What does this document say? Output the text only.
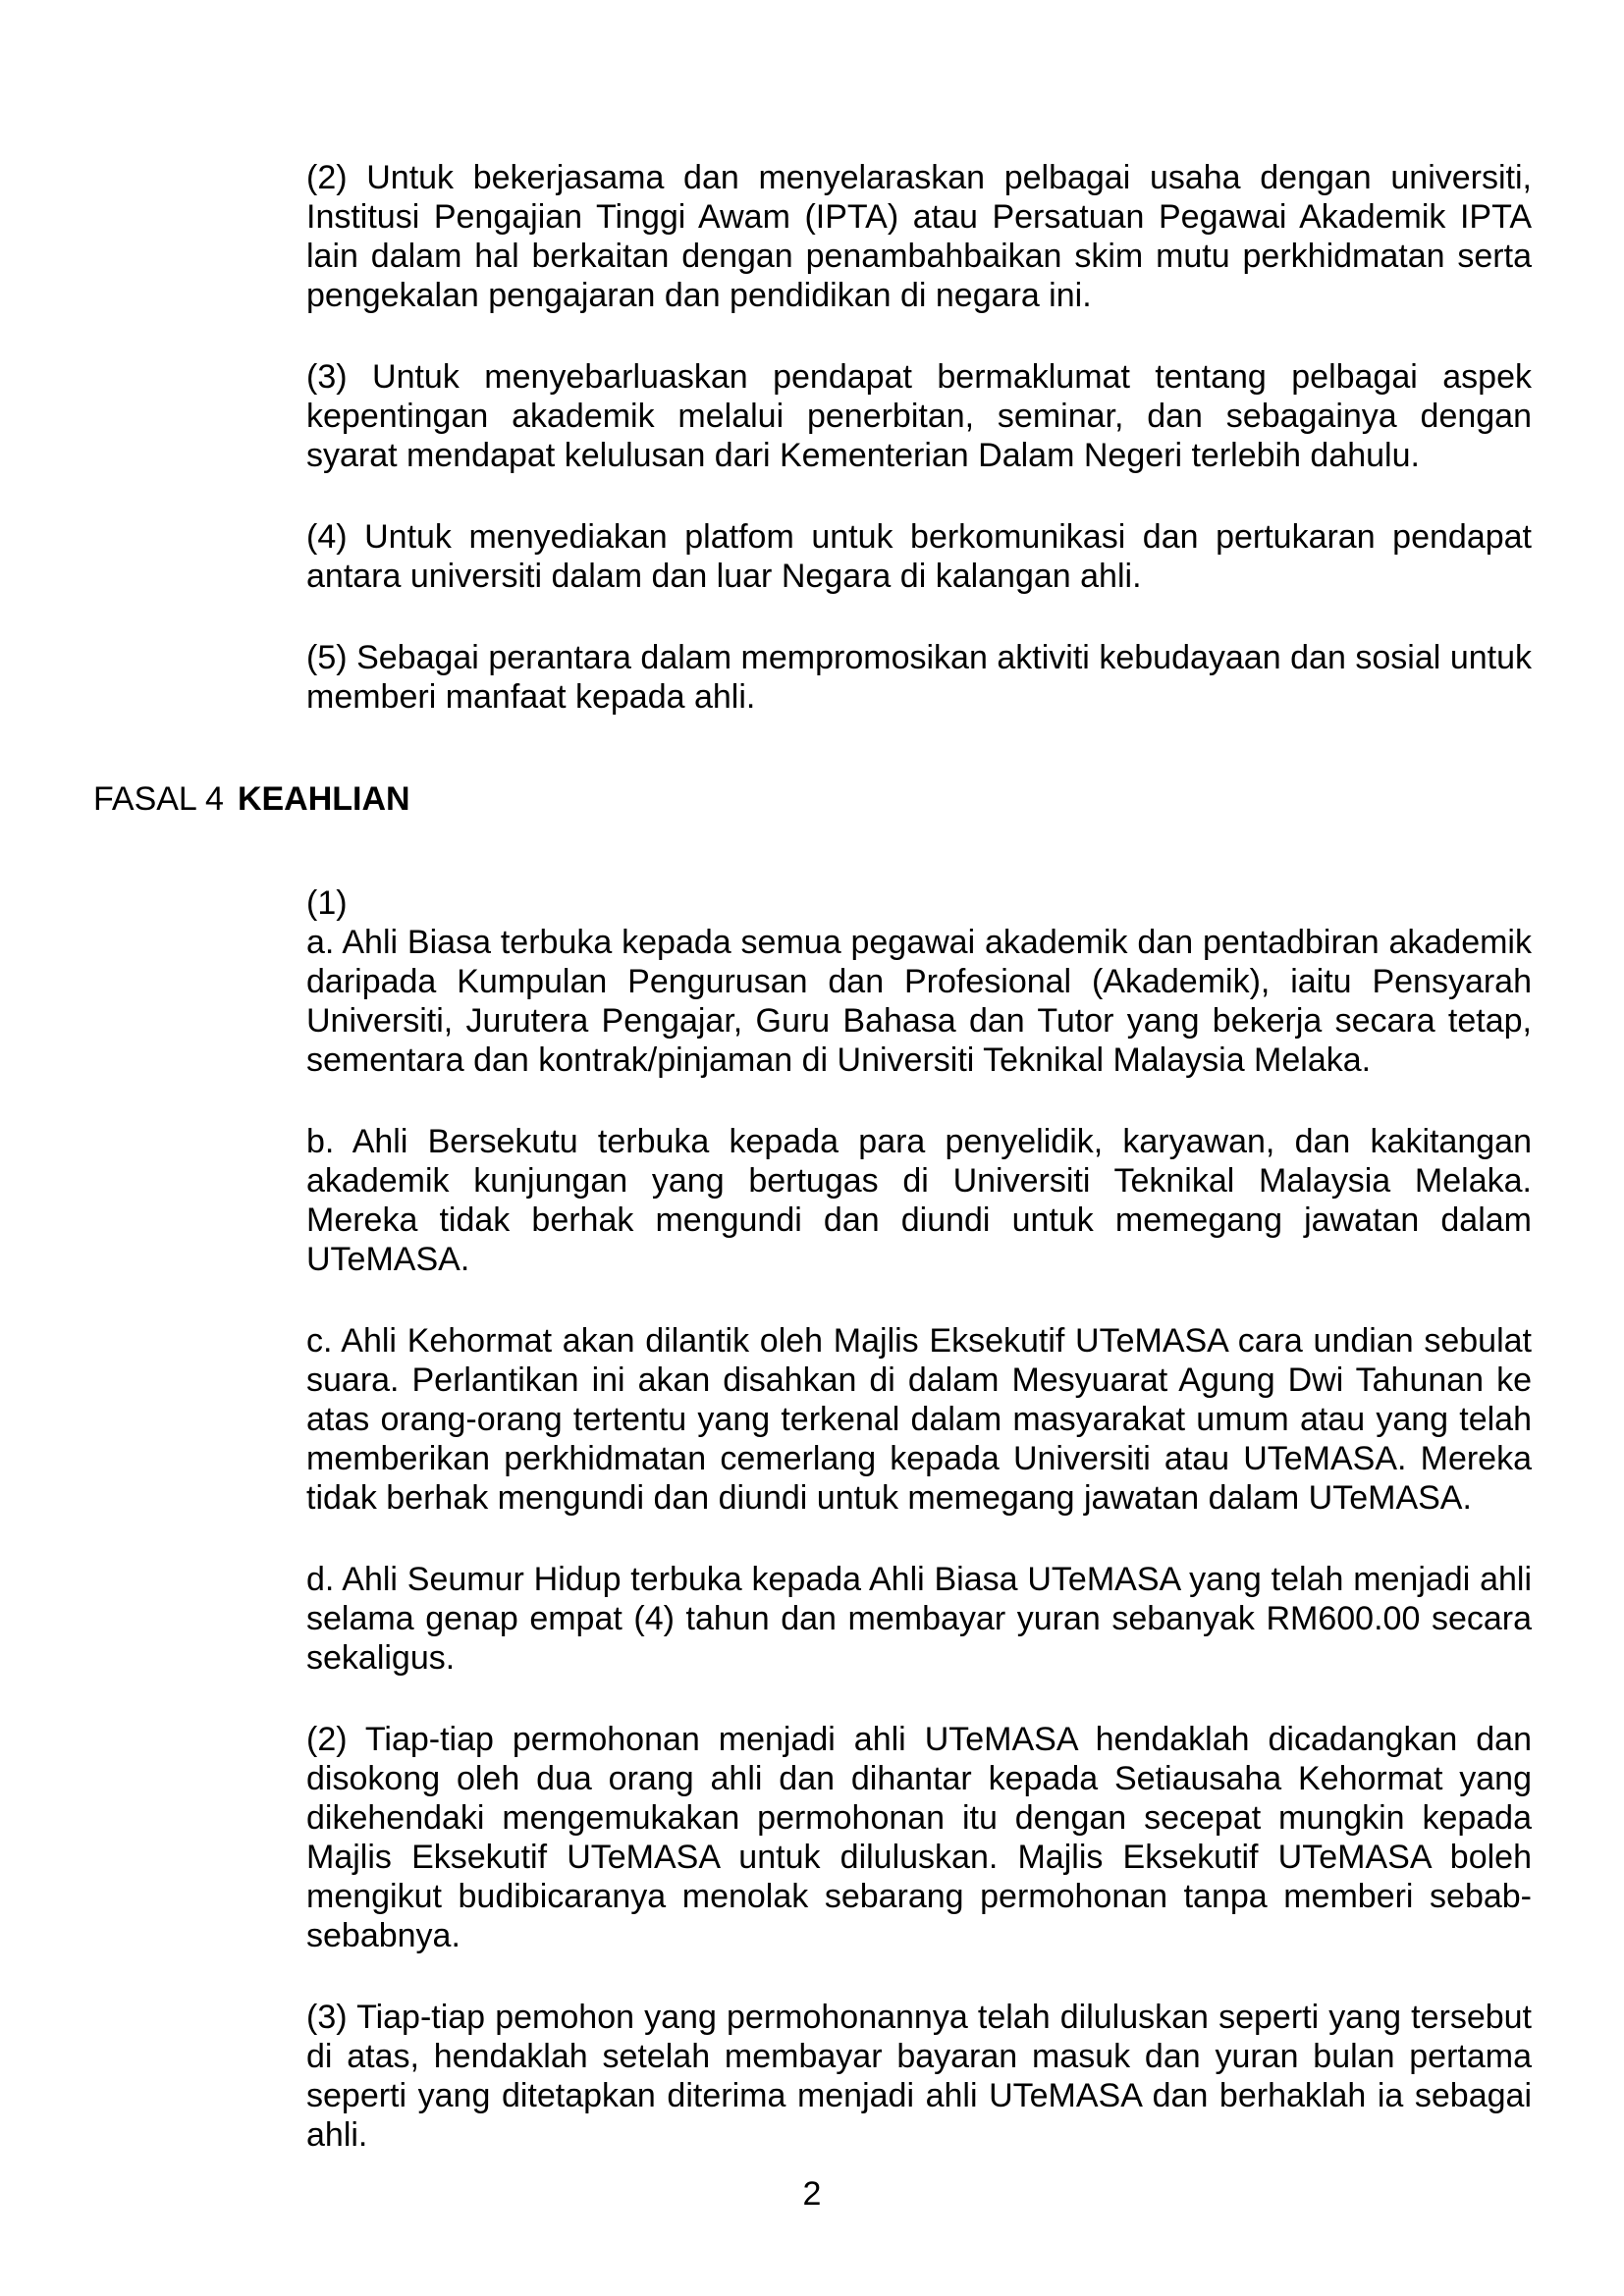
(2) Untuk bekerjasama dan menyelaraskan pelbagai usaha dengan universiti, Institusi Pengajian Tinggi Awam (IPTA) atau Persatuan Pegawai Akademik IPTA lain dalam hal berkaitan dengan penambahbaikan skim mutu perkhidmatan serta pengekalan pengajaran dan pendidikan di negara ini.

(3) Untuk menyebarluaskan pendapat bermaklumat tentang pelbagai aspek kepentingan akademik melalui penerbitan, seminar, dan sebagainya dengan syarat mendapat kelulusan dari Kementerian Dalam Negeri terlebih dahulu.

(4) Untuk menyediakan platfom untuk berkomunikasi dan pertukaran pendapat antara universiti dalam dan luar Negara di kalangan ahli.

(5) Sebagai perantara dalam mempromosikan aktiviti kebudayaan dan sosial untuk memberi manfaat kepada ahli.

FASAL 4 KEAHLIAN
(1)
a. Ahli Biasa terbuka kepada semua pegawai akademik dan pentadbiran akademik daripada Kumpulan Pengurusan dan Profesional (Akademik), iaitu Pensyarah Universiti, Jurutera Pengajar, Guru Bahasa dan Tutor yang bekerja secara tetap, sementara dan kontrak/pinjaman di Universiti Teknikal Malaysia Melaka.

b. Ahli Bersekutu terbuka kepada para penyelidik, karyawan, dan kakitangan akademik kunjungan yang bertugas di Universiti Teknikal Malaysia Melaka. Mereka tidak berhak mengundi dan diundi untuk memegang jawatan dalam UTeMASA.

c. Ahli Kehormat akan dilantik oleh Majlis Eksekutif UTeMASA cara undian sebulat suara. Perlantikan ini akan disahkan di dalam Mesyuarat Agung Dwi Tahunan ke atas orang-orang tertentu yang terkenal dalam masyarakat umum atau yang telah memberikan perkhidmatan cemerlang kepada Universiti atau UTeMASA. Mereka tidak berhak mengundi dan diundi untuk memegang jawatan dalam UTeMASA.

d. Ahli Seumur Hidup terbuka kepada Ahli Biasa UTeMASA yang telah menjadi ahli selama genap empat (4) tahun dan membayar yuran sebanyak RM600.00 secara sekaligus.

(2) Tiap-tiap permohonan menjadi ahli UTeMASA hendaklah dicadangkan dan disokong oleh dua orang ahli dan dihantar kepada Setiausaha Kehormat yang dikehendaki mengemukakan permohonan itu dengan secepat mungkin kepada Majlis Eksekutif UTeMASA untuk diluluskan. Majlis Eksekutif UTeMASA boleh mengikut budibicaranya menolak sebarang permohonan tanpa memberi sebab-sebabnya.

(3) Tiap-tiap pemohon yang permohonannya telah diluluskan seperti yang tersebut di atas, hendaklah setelah membayar bayaran masuk dan yuran bulan pertama seperti yang ditetapkan diterima menjadi ahli UTeMASA dan berhaklah ia sebagai ahli.

2
